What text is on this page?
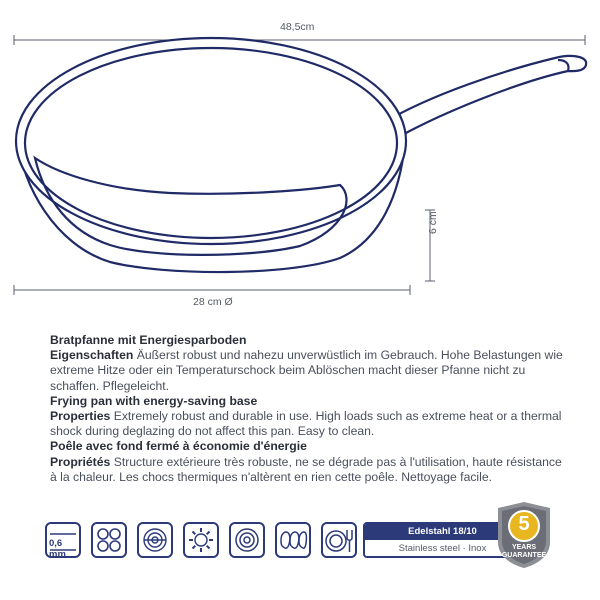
48,5cm
28 cm Ø
6 cm

Bratpfanne mit Energiesparboden
Eigenschaften Äußerst robust und nahezu unverwüstlich im Gebrauch. Hohe Belastungen wie extreme Hitze oder ein Temperaturschock beim Ablöschen macht dieser Pfanne nicht zu schaffen. Pflegeleicht.

Frying pan with energy-saving base
Properties Extremely robust and durable in use. High loads such as extreme heat or a thermal shock during deglazing do not affect this pan. Easy to clean.

Poêle avec fond fermé à économie d'énergie
Propriétés Structure extérieure très robuste, ne se dégrade pas à l'utilisation, haute résistance à la chaleur. Les chocs thermiques n'altèrent en rien cette poêle. Nettoyage facile.

0,6 mm
Edelstahl 18/10
Stainless steel · Inox
5
YEARS
GUARANTEE
